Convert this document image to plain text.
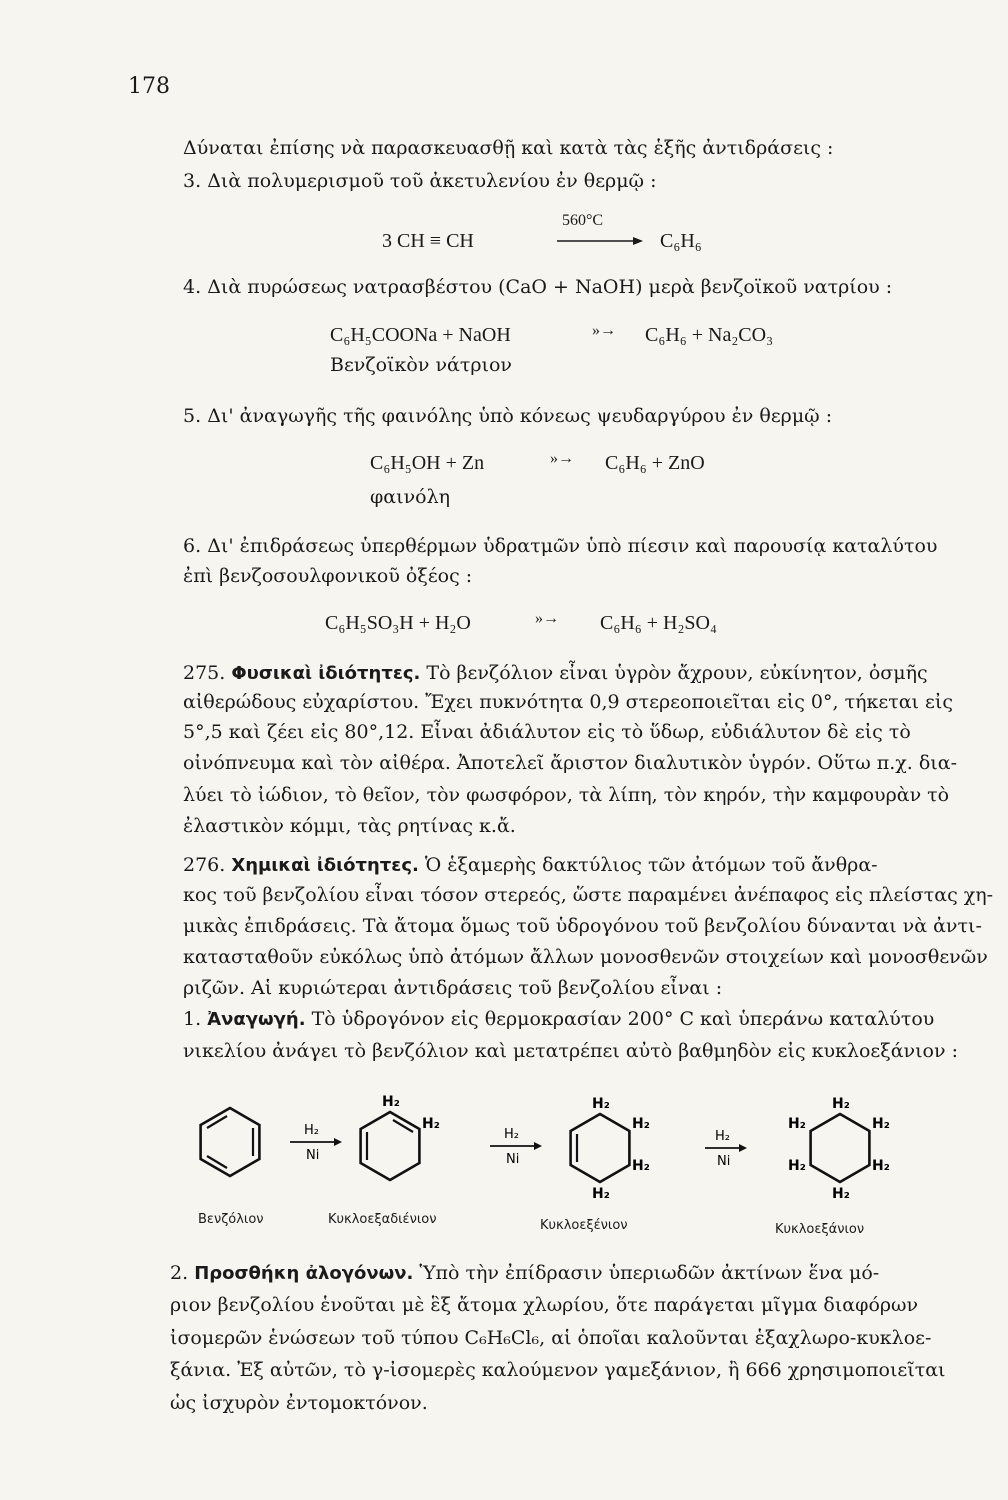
178
Δύναται ἐπίσης νὰ παρασκευασθῇ καὶ κατὰ τὰς ἑξῆς ἀντιδράσεις :
3. Διὰ πολυμερισμοῦ τοῦ ἀκετυλενίου ἐν θερμῷ :
3 CH ≡ CH
560°C
C₆H₆
4. Διὰ πυρώσεως νατρασβέστου (CaO + NaOH) μερὰ βενζοϊκοῦ νατρίου :
C₆H₅COONa + NaOH	»→ C₆H₆ + Na₂CO₃
Βενζοϊκὸν νάτριον
5. Δι' ἀναγωγῆς τῆς φαινόλης ὑπὸ κόνεως ψευδαργύρου ἐν θερμῷ :
C₆H₅OH + Zn	»→ C₆H₆ + ZnO
φαινόλη
6. Δι' ἐπιδράσεως ὑπερθέρμων ὑδρατμῶν ὑπὸ πίεσιν καὶ παρουσίᾳ καταλύτου
ἐπὶ βενζοσουλφονικοῦ ὀξέος :
C₆H₅SO₃H + H₂O	»→ C₆H₆ + H₂SO₄
275. Φυσικαὶ ἰδιότητες. Τὸ βενζόλιον εἶναι ὑγρὸν ἄχρουν, εὐκίνητον, ὀσμῆς
αἰθερώδους εὐχαρίστου. Ἔχει πυκνότητα 0,9 στερεοποιεῖται εἰς 0°, τήκεται εἰς
5°,5 καὶ ζέει εἰς 80°,12. Εἶναι ἀδιάλυτον εἰς τὸ ὕδωρ, εὐδιάλυτον δὲ εἰς τὸ
οἰνόπνευμα καὶ τὸν αἰθέρα. Ἀποτελεῖ ἄριστον διαλυτικὸν ὑγρόν. Οὕτω π.χ. δια-
λύει τὸ ἰώδιον, τὸ θεῖον, τὸν φωσφόρον, τὰ λίπη, τὸν κηρόν, τὴν καμφουρὰν τὸ
ἐλαστικὸν κόμμι, τὰς ρητίνας κ.ἄ.
276. Χημικαὶ ἰδιότητες. Ὁ ἑξαμερὴς δακτύλιος τῶν ἀτόμων τοῦ ἄνθρα-
κος τοῦ βενζολίου εἶναι τόσον στερεός, ὥστε παραμένει ἀνέπαφος εἰς πλείστας χη-
μικὰς ἐπιδράσεις. Τὰ ἄτομα ὅμως τοῦ ὑδρογόνου τοῦ βενζολίου δύνανται νὰ ἀντι-
κατασταθοῦν εὐκόλως ὑπὸ ἀτόμων ἄλλων μονοσθενῶν στοιχείων καὶ μονοσθενῶν
ριζῶν. Αἱ κυριώτεραι ἀντιδράσεις τοῦ βενζολίου εἶναι :
1. Ἀναγωγή. Τὸ ὑδρογόνον εἰς θερμοκρασίαν 200° C καὶ ὑπεράνω καταλύτου
νικελίου ἀνάγει τὸ βενζόλιον καὶ μετατρέπει αὐτὸ βαθμηδὸν εἰς κυκλοεξάνιον :
H₂
Ni
H₂
H₂
H₂
Ni
H₂
H₂
H₂
H₂
H₂
Ni
H₂
H₂
H₂
H₂
H₂
H₂
Βενζόλιον	Κυκλοεξαδιένιον	Κυκλοεξένιον	Κυκλοεξάνιον
2. Προσθήκη ἀλογόνων. Ὑπὸ τὴν ἐπίδρασιν ὑπεριωδῶν ἀκτίνων ἕνα μό-
ριον βενζολίου ἑνοῦται μὲ ἓξ ἄτομα χλωρίου, ὅτε παράγεται μῖγμα διαφόρων
ἰσομερῶν ἑνώσεων τοῦ τύπου C₆H₆Cl₆, αἱ ὁποῖαι καλοῦνται ἑξαχλωρο-κυκλοε-
ξάνια. Ἐξ αὐτῶν, τὸ γ-ἰσομερὲς καλούμενον γαμεξάνιον, ἢ 666 χρησιμοποιεῖται
ὡς ἰσχυρὸν ἐντομοκτόνον.
